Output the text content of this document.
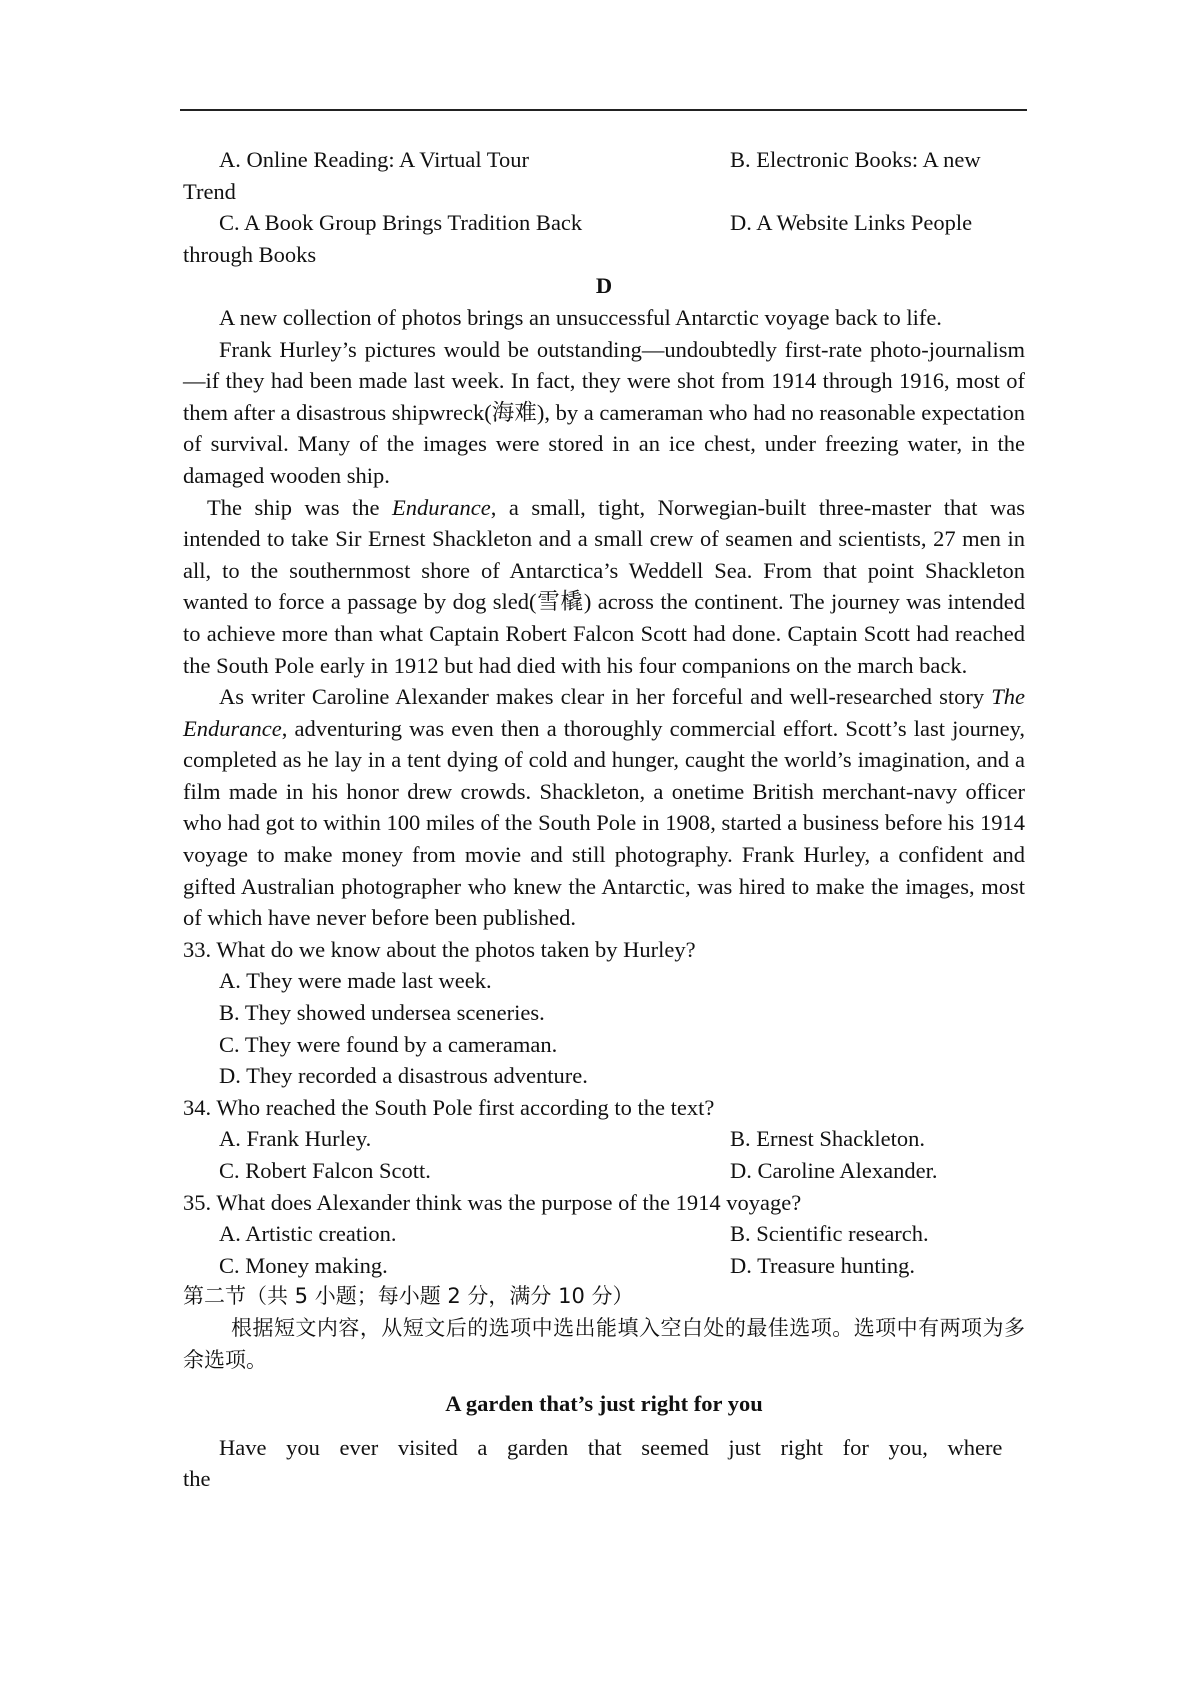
A. Online Reading: A Virtual Tour	B. Electronic Books: A new

Trend

C. A Book Group Brings Tradition Back	D. A Website Links People

through Books

D

A new collection of photos brings an unsuccessful Antarctic voyage back to life.

Frank Hurley’s pictures would be outstanding—undoubtedly first-rate photo-journalism—if they had been made last week. In fact, they were shot from 1914 through 1916, most of them after a disastrous shipwreck(海难), by a cameraman who had no reasonable expectation of survival. Many of the images were stored in an ice chest, under freezing water, in the damaged wooden ship.

The ship was the Endurance, a small, tight, Norwegian-built three-master that was intended to take Sir Ernest Shackleton and a small crew of seamen and scientists, 27 men in all, to the southernmost shore of Antarctica’s Weddell Sea. From that point Shackleton wanted to force a passage by dog sled(雪橇) across the continent. The journey was intended to achieve more than what Captain Robert Falcon Scott had done. Captain Scott had reached the South Pole early in 1912 but had died with his four companions on the march back.

As writer Caroline Alexander makes clear in her forceful and well-researched story The Endurance, adventuring was even then a thoroughly commercial effort. Scott’s last journey, completed as he lay in a tent dying of cold and hunger, caught the world’s imagination, and a film made in his honor drew crowds. Shackleton, a onetime British merchant-navy officer who had got to within 100 miles of the South Pole in 1908, started a business before his 1914 voyage to make money from movie and still photography. Frank Hurley, a confident and gifted Australian photographer who knew the Antarctic, was hired to make the images, most of which have never before been published.

33. What do we know about the photos taken by Hurley?

A. They were made last week.

B. They showed undersea sceneries.

C. They were found by a cameraman.

D. They recorded a disastrous adventure.

34. Who reached the South Pole first according to the text?

A. Frank Hurley.	B. Ernest Shackleton.
C. Robert Falcon Scott.	D. Caroline Alexander.

35. What does Alexander think was the purpose of the 1914 voyage?

A. Artistic creation.	B. Scientific research.
C. Money making.	D. Treasure hunting.

第二节（共 5 小题；每小题 2 分，满分 10 分）

根据短文内容，从短文后的选项中选出能填入空白处的最佳选项。选项中有两项为多余选项。

A garden that’s just right for you

Have you ever visited a garden that seemed just right for you, where the
